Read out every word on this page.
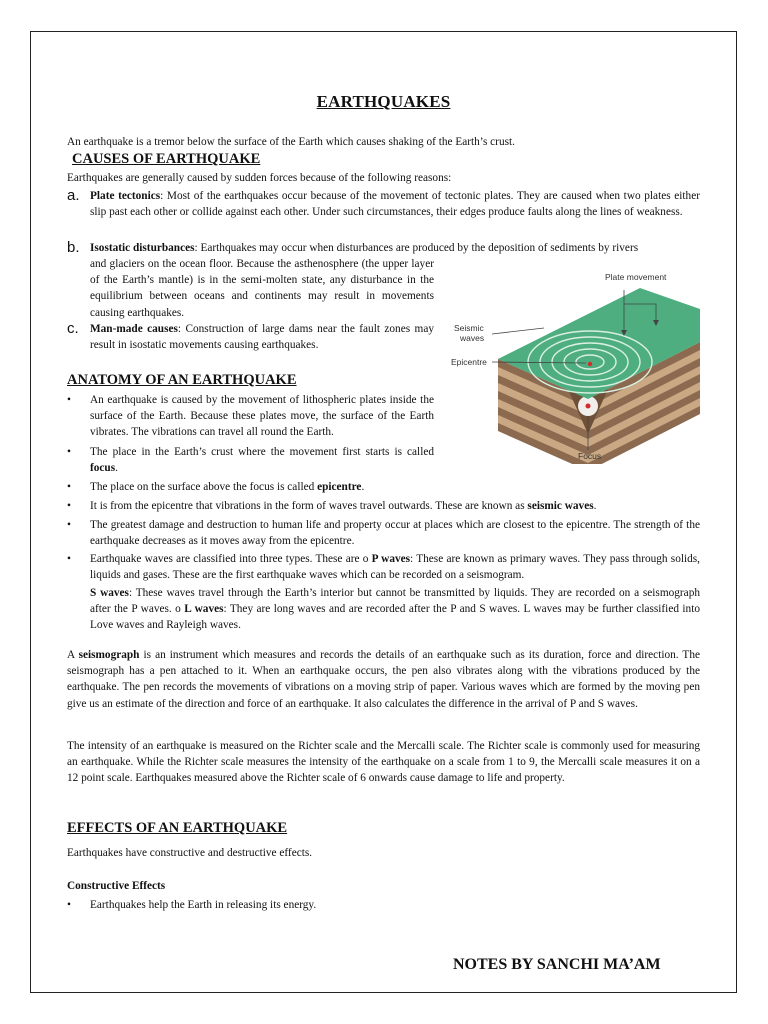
EARTHQUAKES

An earthquake is a tremor below the surface of the Earth which causes shaking of the Earth’s crust.

CAUSES OF EARTHQUAKE

Earthquakes are generally caused by sudden forces because of the following reasons:

a. Plate tectonics: Most of the earthquakes occur because of the movement of tectonic plates. They are caused when two plates either slip past each other or collide against each other. Under such circumstances, their edges produce faults along the lines of weakness.

b. Isostatic disturbances: Earthquakes may occur when disturbances are produced by the deposition of sediments by rivers

and glaciers on the ocean floor. Because the asthenosphere (the upper layer of the Earth’s mantle) is in the semi-molten state, any disturbance in the equilibrium between oceans and continents may result in movements causing earthquakes.

c. Man-made causes: Construction of large dams near the fault zones may result in isostatic movements causing earthquakes.

ANATOMY OF AN EARTHQUAKE
• An earthquake is caused by the movement of lithospheric plates inside the surface of the Earth. Because these plates move, the surface of the Earth vibrates. The vibrations can travel all round the Earth.

• The place in the Earth’s crust where the movement first starts is called focus.

• The place on the surface above the focus is called epicentre.

• It is from the epicentre that vibrations in the form of waves travel outwards. These are known as seismic waves.

• The greatest damage and destruction to human life and property occur at places which are closest to the epicentre. The strength of the earthquake decreases as it moves away from the epicentre.

• Earthquake waves are classified into three types. These are o P waves: These are known as primary waves. They pass through solids, liquids and gases. These are the first earthquake waves which can be recorded on a seismogram.

S waves: These waves travel through the Earth’s interior but cannot be transmitted by liquids. They are recorded on a seismograph after the P waves. o L waves: They are long waves and are recorded after the P and S waves. L waves may be further classified into Love waves and Rayleigh waves.

A seismograph is an instrument which measures and records the details of an earthquake such as its duration, force and direction. The seismograph has a pen attached to it. When an earthquake occurs, the pen also vibrates along with the vibrations produced by the earthquake. The pen records the movements of vibrations on a moving strip of paper. Various waves which are formed by the moving pen give us an estimate of the direction and force of an earthquake. It also calculates the difference in the arrival of P and S waves.

The intensity of an earthquake is measured on the Richter scale and the Mercalli scale. The Richter scale is commonly used for measuring an earthquake. While the Richter scale measures the intensity of the earthquake on a scale from 1 to 9, the Mercalli scale measures it on a 12 point scale. Earthquakes measured above the Richter scale of 6 onwards cause damage to life and property.

EFFECTS OF AN EARTHQUAKE

Earthquakes have constructive and destructive effects.

Constructive Effects

• Earthquakes help the Earth in releasing its energy.

NOTES BY SANCHI MA’AM

Plate movement
Seismic
waves
Epicentre
Focus
